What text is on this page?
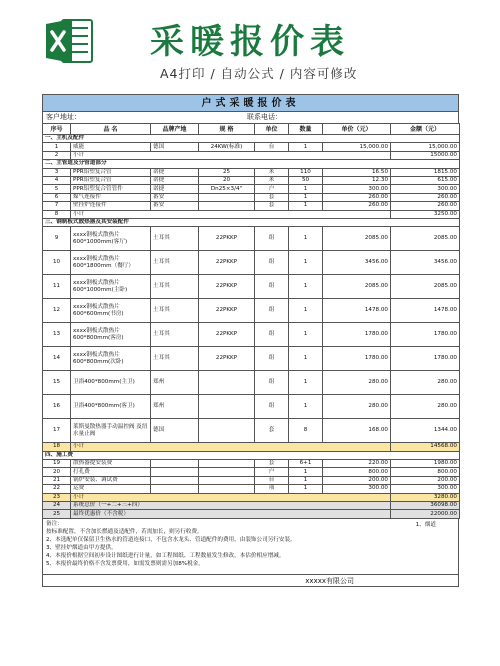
采暖报价表
A4打印 / 自动公式 / 内容可修改
户式采暖报价表
客户地址：	联系电话：
序号	品 名	品牌产地	规 格	单位	数量	单价（元）	金额（元）
一、主机及配件							
1	威能	德国	24KW(标准)	台	1	15,000.00	15,000.00
2	小计						15000.00
二、主管道及分管道部分							
3	PPR铝塑复合管	诺捷	25	米	110	16.50	1815.00
4	PPR铝塑复合管	诺捷	20	米	50	12.30	615.00
5	PPR铝塑复合管管件	诺捷	Dn25×3/4"	户	1	300.00	300.00
6	煤气连接件	番安		套	1	260.00	260.00
7	壁挂炉连接件	番安		套	1	260.00	260.00
8	小计						3250.00
三、钢制板式散热器及其安装配件							
9	xxxx钢板式散热片 600*1000mm(客厅)	土耳其	22PKKP	组	1	2085.00	2085.00
10	xxxx钢板式散热片 600*1800mm（餐厅）	土耳其	22PKKP	组	1	3456.00	3456.00
11	xxxx钢板式散热片 600*1000mm(主卧)	土耳其	22PKKP	组	1	2085.00	2085.00
12	xxxx钢板式散热片 600*600mm(书房)	土耳其	22PKKP	组	1	1478.00	1478.00
13	xxxx钢板式散热片 600*800mm(客房)	土耳其	22PKKP	组	1	1780.00	1780.00
14	xxxx钢板式散热片 600*800mm(次卧)	土耳其	22PKKP	组	1	1780.00	1780.00
15	卫浴400*800mm(主卫)	郑州		组	1	280.00	280.00
16	卫浴400*800mm(客卫)	郑州		组	1	280.00	280.00
17	莱斯曼散热器手动温控阀 及纽水量止阀	德国		套	8	168.00	1344.00
18	小计						14568.00
四、施工费							
19	散热器提安装费			套	6+1	220.00	1980.00
20	打孔费			户	1	800.00	800.00
21	锅炉安装、调试费			台	1	200.00	200.00
22	运费			项	1	300.00	300.00
23	小计						3280.00
24	系统总价（一+二+三+四）						36098.00
25	最终优惠价（不含税）						22000.00
备注：
按标准配置，不含加长燃通及适配件，若需加长，则另行收费。
2、本选配单仅保留卫生热水的管道连接口，不包含水龙头、管道配件的费用，由装饰公司另行安装。
3、壁挂炉烟道由甲方提供。
4、本报价根据空间初步设计图纸进行计量，如工程图纸、工程数量发生修改，本估价相应增减。
5、本报价最终价格不含发票费用，如需发票则需另加8%税金。
1、烟道
xxxxx有限公司
